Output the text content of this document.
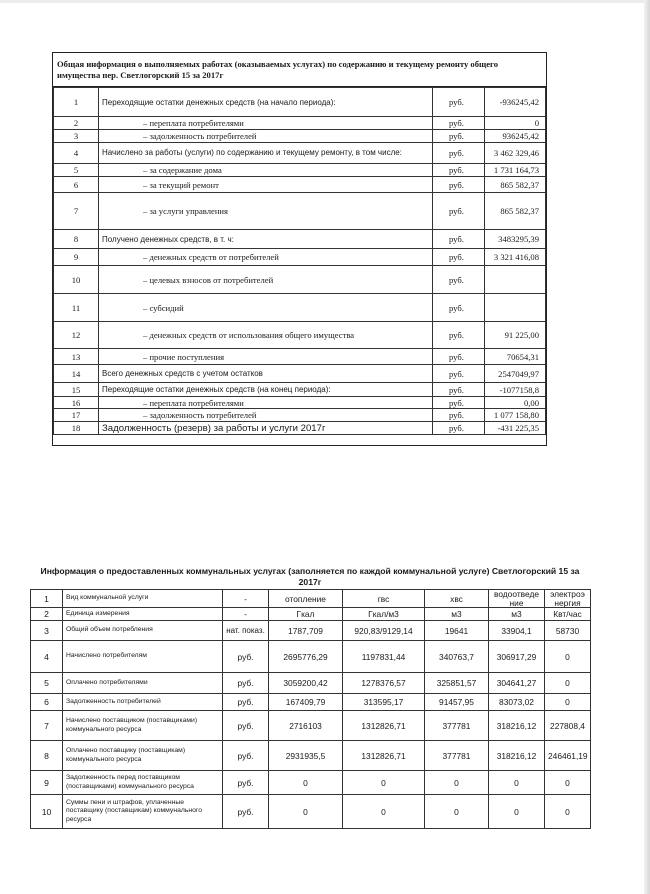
Общая информация о выполняемых работах (оказываемых услугах) по содержанию и текущему ремонту общего имущества пер. Светлогорский 15 за 2017г
1	Переходящие остатки денежных средств (на начало периода):	руб.	-936245,42
2	– переплата потребителями	руб.	0
3	– задолженность потребителей	руб.	936245,42
4	Начислено за работы (услуги) по содержанию и текущему ремонту, в том числе:	руб.	3 462 329,46
5	– за содержание дома	руб.	1 731 164,73
6	– за текущий ремонт	руб.	865 582,37
7	– за услуги управления	руб.	865 582,37
8	Получено денежных средств, в т. ч:	руб.	3483295,39
9	– денежных средств от потребителей	руб.	3 321 416,08
10	– целевых взносов от потребителей	руб.	
11	– субсидий	руб.	
12	– денежных средств от использования общего имущества	руб.	91 225,00
13	– прочие поступления	руб.	70654,31
14	Всего денежных средств с учетом остатков	руб.	2547049,97
15	Переходящие остатки денежных средств (на конец периода):	руб.	-1077158,8
16	– переплата потребителями	руб.	0,00
17	– задолженность потребителей	руб.	1 077 158,80
18	Задолженность (резерв) за работы и услуги 2017г	руб.	-431 225,35
Информация о предоставленных коммунальных услугах (заполняется по каждой коммунальной услуге) Светлогорский 15 за 2017г
1	Вид коммунальной услуги	-	отопление	гвс	хвс	водоотведение	электроэнергия
2	Единица измерения	-	Гкал	Гкал/м3	м3	м3	Квт/час
3	Общий объем потребления	нат. показ.	1787,709	920,83/9129,14	19641	33904,1	58730
4	Начислено потребителям	руб.	2695776,29	1197831,44	340763,7	306917,29	0
5	Оплачено потребителями	руб.	3059200,42	1278376,57	325851,57	304641,27	0
6	Задолженность потребителей	руб.	167409,79	313595,17	91457,95	83073,02	0
7	Начислено поставщиком (поставщиками) коммунального ресурса	руб.	2716103	1312826,71	377781	318216,12	227808,4
8	Оплачено поставщику (поставщикам) коммунального ресурса	руб.	2931935,5	1312826,71	377781	318216,12	246461,19
9	Задолженность перед поставщиком (поставщиками) коммунального ресурса	руб.	0	0	0	0	0
10	Суммы пени и штрафов, уплаченные поставщику (поставщикам) коммунального ресурса	руб.	0	0	0	0	0
